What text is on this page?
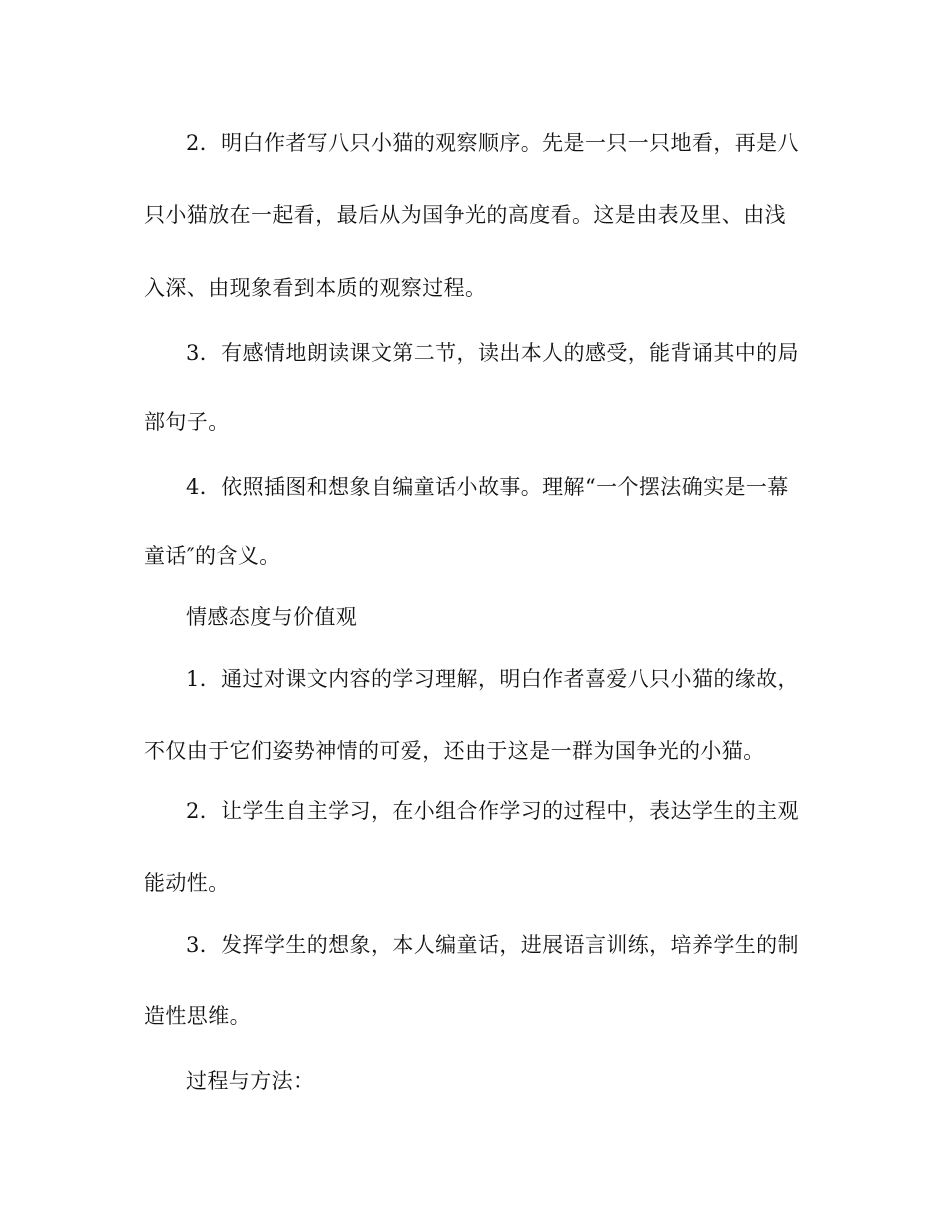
2．明白作者写八只小猫的观察顺序。先是一只一只地看，再是八
只小猫放在一起看，最后从为国争光的高度看。这是由表及里、由浅
入深、由现象看到本质的观察过程。
3．有感情地朗读课文第二节，读出本人的感受，能背诵其中的局
部句子。
4．依照插图和想象自编童话小故事。理解“一个摆法确实是一幕
童话″的含义。
情感态度与价值观
1．通过对课文内容的学习理解，明白作者喜爱八只小猫的缘故，
不仅由于它们姿势神情的可爱，还由于这是一群为国争光的小猫。
2．让学生自主学习，在小组合作学习的过程中，表达学生的主观
能动性。
3．发挥学生的想象，本人编童话，进展语言训练，培养学生的制
造性思维。
过程与方法：
